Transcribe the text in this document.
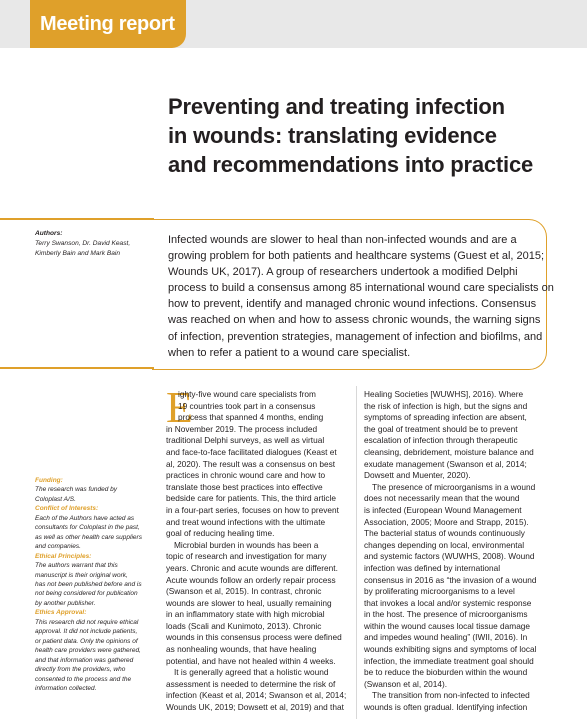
Meeting report
Preventing and treating infection
in wounds: translating evidence
and recommendations into practice
Authors:
Terry Swanson, Dr. David Keast,
Kimberly Bain and Mark Bain
Infected wounds are slower to heal than non-infected wounds and are a
growing problem for both patients and healthcare systems (Guest et al, 2015;
Wounds UK, 2017). A group of researchers undertook a modified Delphi
process to build a consensus among 85 international wound care specialists on
how to prevent, identify and managed chronic wound infections. Consensus
was reached on when and how to assess chronic wounds, the warning signs
of infection, prevention strategies, management of infection and biofilms, and
when to refer a patient to a wound care specialist.
Funding:
The research was funded by
Coloplast A/S.
Conflict of Interests:
Each of the Authors have acted as
consultants for Coloplast in the past,
as well as other health care suppliers
and companies.
Ethical Principles:
The authors warrant that this
manuscript is their original work,
has not been published before and is
not being considered for publication
by another publisher.
Ethics Approval:
This research did not require ethical
approval. It did not include patients,
or patient data. Only the opinions of
health care providers were gathered,
and that information was gathered
directly from the providers, who
consented to the process and the
information collected.
E
ighty-five wound care specialists from
19 countries took part in a consensus
process that spanned 4 months, ending
in November 2019. The process included
traditional Delphi surveys, as well as virtual
and face-to-face facilitated dialogues (Keast et
al, 2020). The result was a consensus on best
practices in chronic wound care and how to
translate those best practices into effective
bedside care for patients. This, the third article
in a four-part series, focuses on how to prevent
and treat wound infections with the ultimate
goal of reducing healing time.
Microbial burden in wounds has been a
topic of research and investigation for many
years. Chronic and acute wounds are different.
Acute wounds follow an orderly repair process
(Swanson et al, 2015). In contrast, chronic
wounds are slower to heal, usually remaining
in an inflammatory state with high microbial
loads (Scali and Kunimoto, 2013). Chronic
wounds in this consensus process were defined
as nonhealing wounds, that have healing
potential, and have not healed within 4 weeks.
It is generally agreed that a holistic wound
assessment is needed to determine the risk of
infection (Keast et al, 2014; Swanson et al, 2014;
Wounds UK, 2019; Dowsett et al, 2019) and that
Healing Societies [WUWHS], 2016). Where
the risk of infection is high, but the signs and
symptoms of spreading infection are absent,
the goal of treatment should be to prevent
escalation of infection through therapeutic
cleansing, debridement, moisture balance and
exudate management (Swanson et al, 2014;
Dowsett and Muenter, 2020).
The presence of microorganisms in a wound
does not necessarily mean that the wound
is infected (European Wound Management
Association, 2005; Moore and Strapp, 2015).
The bacterial status of wounds continuously
changes depending on local, environmental
and systemic factors (WUWHS, 2008). Wound
infection was defined by international
consensus in 2016 as “the invasion of a wound
by proliferating microorganisms to a level
that invokes a local and/or systemic response
in the host. The presence of microorganisms
within the wound causes local tissue damage
and impedes wound healing” (IWII, 2016). In
wounds exhibiting signs and symptoms of local
infection, the immediate treatment goal should
be to reduce the bioburden within the wound
(Swanson et al, 2014).
The transition from non-infected to infected
wounds is often gradual. Identifying infection
